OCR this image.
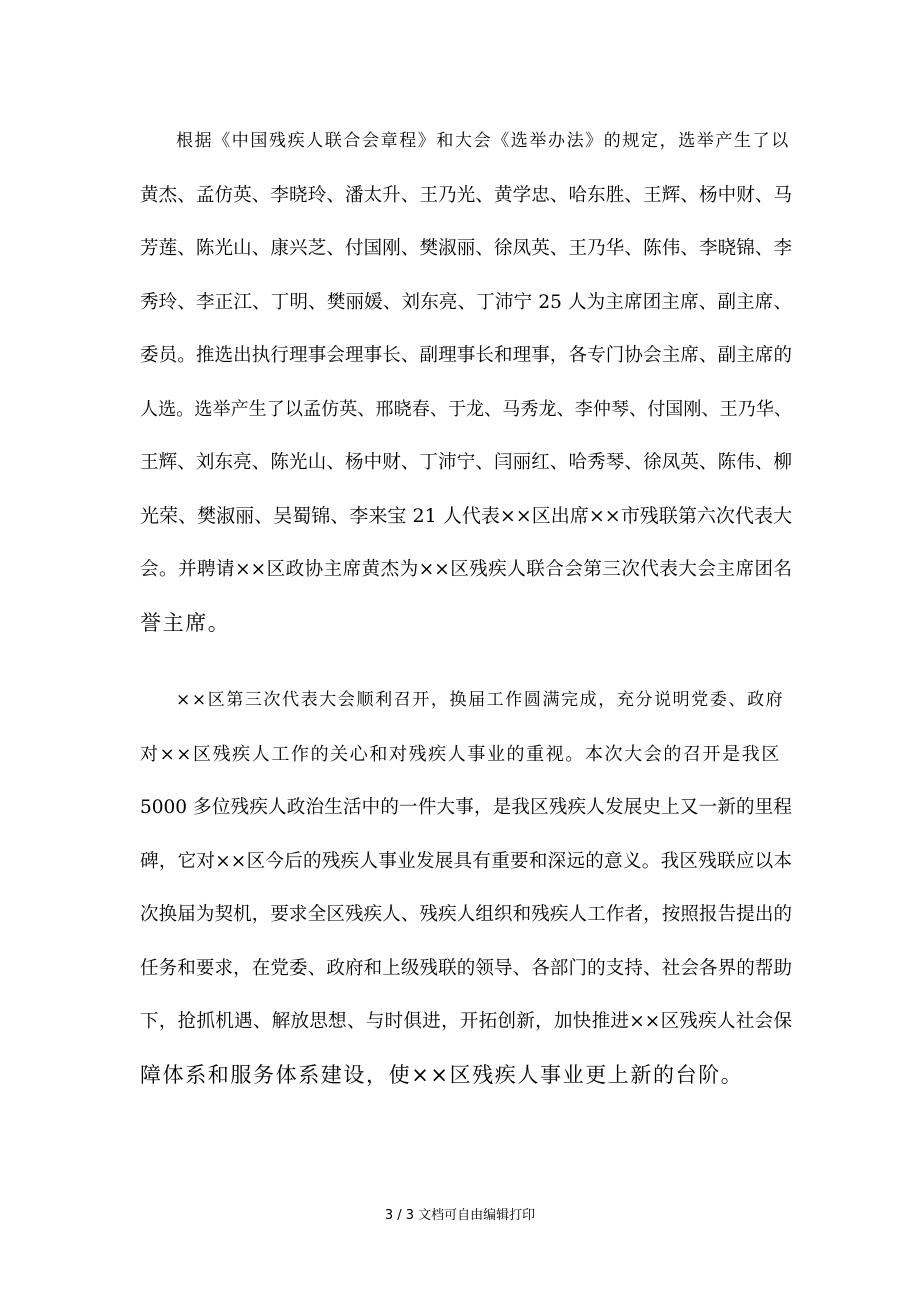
根据《中国残疾人联合会章程》和大会《选举办法》的规定，选举产生了以
黄杰、孟仿英、李晓玲、潘太升、王乃光、黄学忠、哈东胜、王辉、杨中财、马
芳莲、陈光山、康兴芝、付国刚、樊淑丽、徐凤英、王乃华、陈伟、李晓锦、李
秀玲、李正江、丁明、樊丽媛、刘东亮、丁沛宁 25 人为主席团主席、副主席、
委员。推选出执行理事会理事长、副理事长和理事，各专门协会主席、副主席的
人选。选举产生了以孟仿英、邢晓春、于龙、马秀龙、李仲琴、付国刚、王乃华、
王辉、刘东亮、陈光山、杨中财、丁沛宁、闫丽红、哈秀琴、徐凤英、陈伟、柳
光荣、樊淑丽、吴蜀锦、李来宝 21 人代表××区出席××市残联第六次代表大
会。并聘请××区政协主席黄杰为××区残疾人联合会第三次代表大会主席团名
誉主席。
××区第三次代表大会顺利召开，换届工作圆满完成，充分说明党委、政府
对××区残疾人工作的关心和对残疾人事业的重视。本次大会的召开是我区
5000 多位残疾人政治生活中的一件大事，是我区残疾人发展史上又一新的里程
碑，它对××区今后的残疾人事业发展具有重要和深远的意义。我区残联应以本
次换届为契机，要求全区残疾人、残疾人组织和残疾人工作者，按照报告提出的
任务和要求，在党委、政府和上级残联的领导、各部门的支持、社会各界的帮助
下，抢抓机遇、解放思想、与时俱进，开拓创新，加快推进××区残疾人社会保
障体系和服务体系建设，使××区残疾人事业更上新的台阶。
3 / 3 文档可自由编辑打印
